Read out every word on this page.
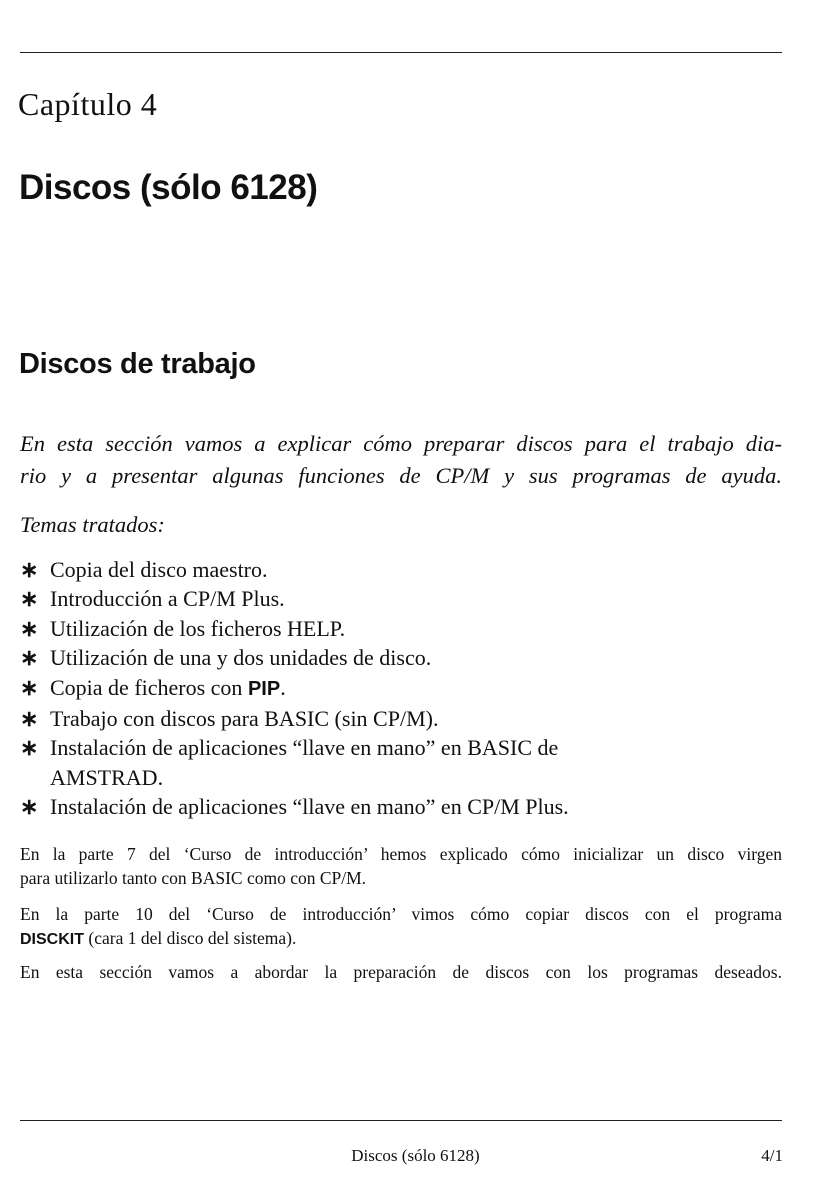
Capítulo 4
Discos (sólo 6128)
Discos de trabajo
En esta sección vamos a explicar cómo preparar discos para el trabajo dia-
rio y a presentar algunas funciones de CP/M y sus programas de ayuda.
Temas tratados:
∗ Copia del disco maestro.
∗ Introducción a CP/M Plus.
∗ Utilización de los ficheros HELP.
∗ Utilización de una y dos unidades de disco.
∗ Copia de ficheros con PIP.
∗ Trabajo con discos para BASIC (sin CP/M).
∗ Instalación de aplicaciones “llave en mano” en BASIC de
AMSTRAD.
∗ Instalación de aplicaciones “llave en mano” en CP/M Plus.
En la parte 7 del ‘Curso de introducción’ hemos explicado cómo inicializar un disco virgen
para utilizarlo tanto con BASIC como con CP/M.
En la parte 10 del ‘Curso de introducción’ vimos cómo copiar discos con el programa
DISCKIT (cara 1 del disco del sistema).
En esta sección vamos a abordar la preparación de discos con los programas deseados.
Discos (sólo 6128)	4/1
